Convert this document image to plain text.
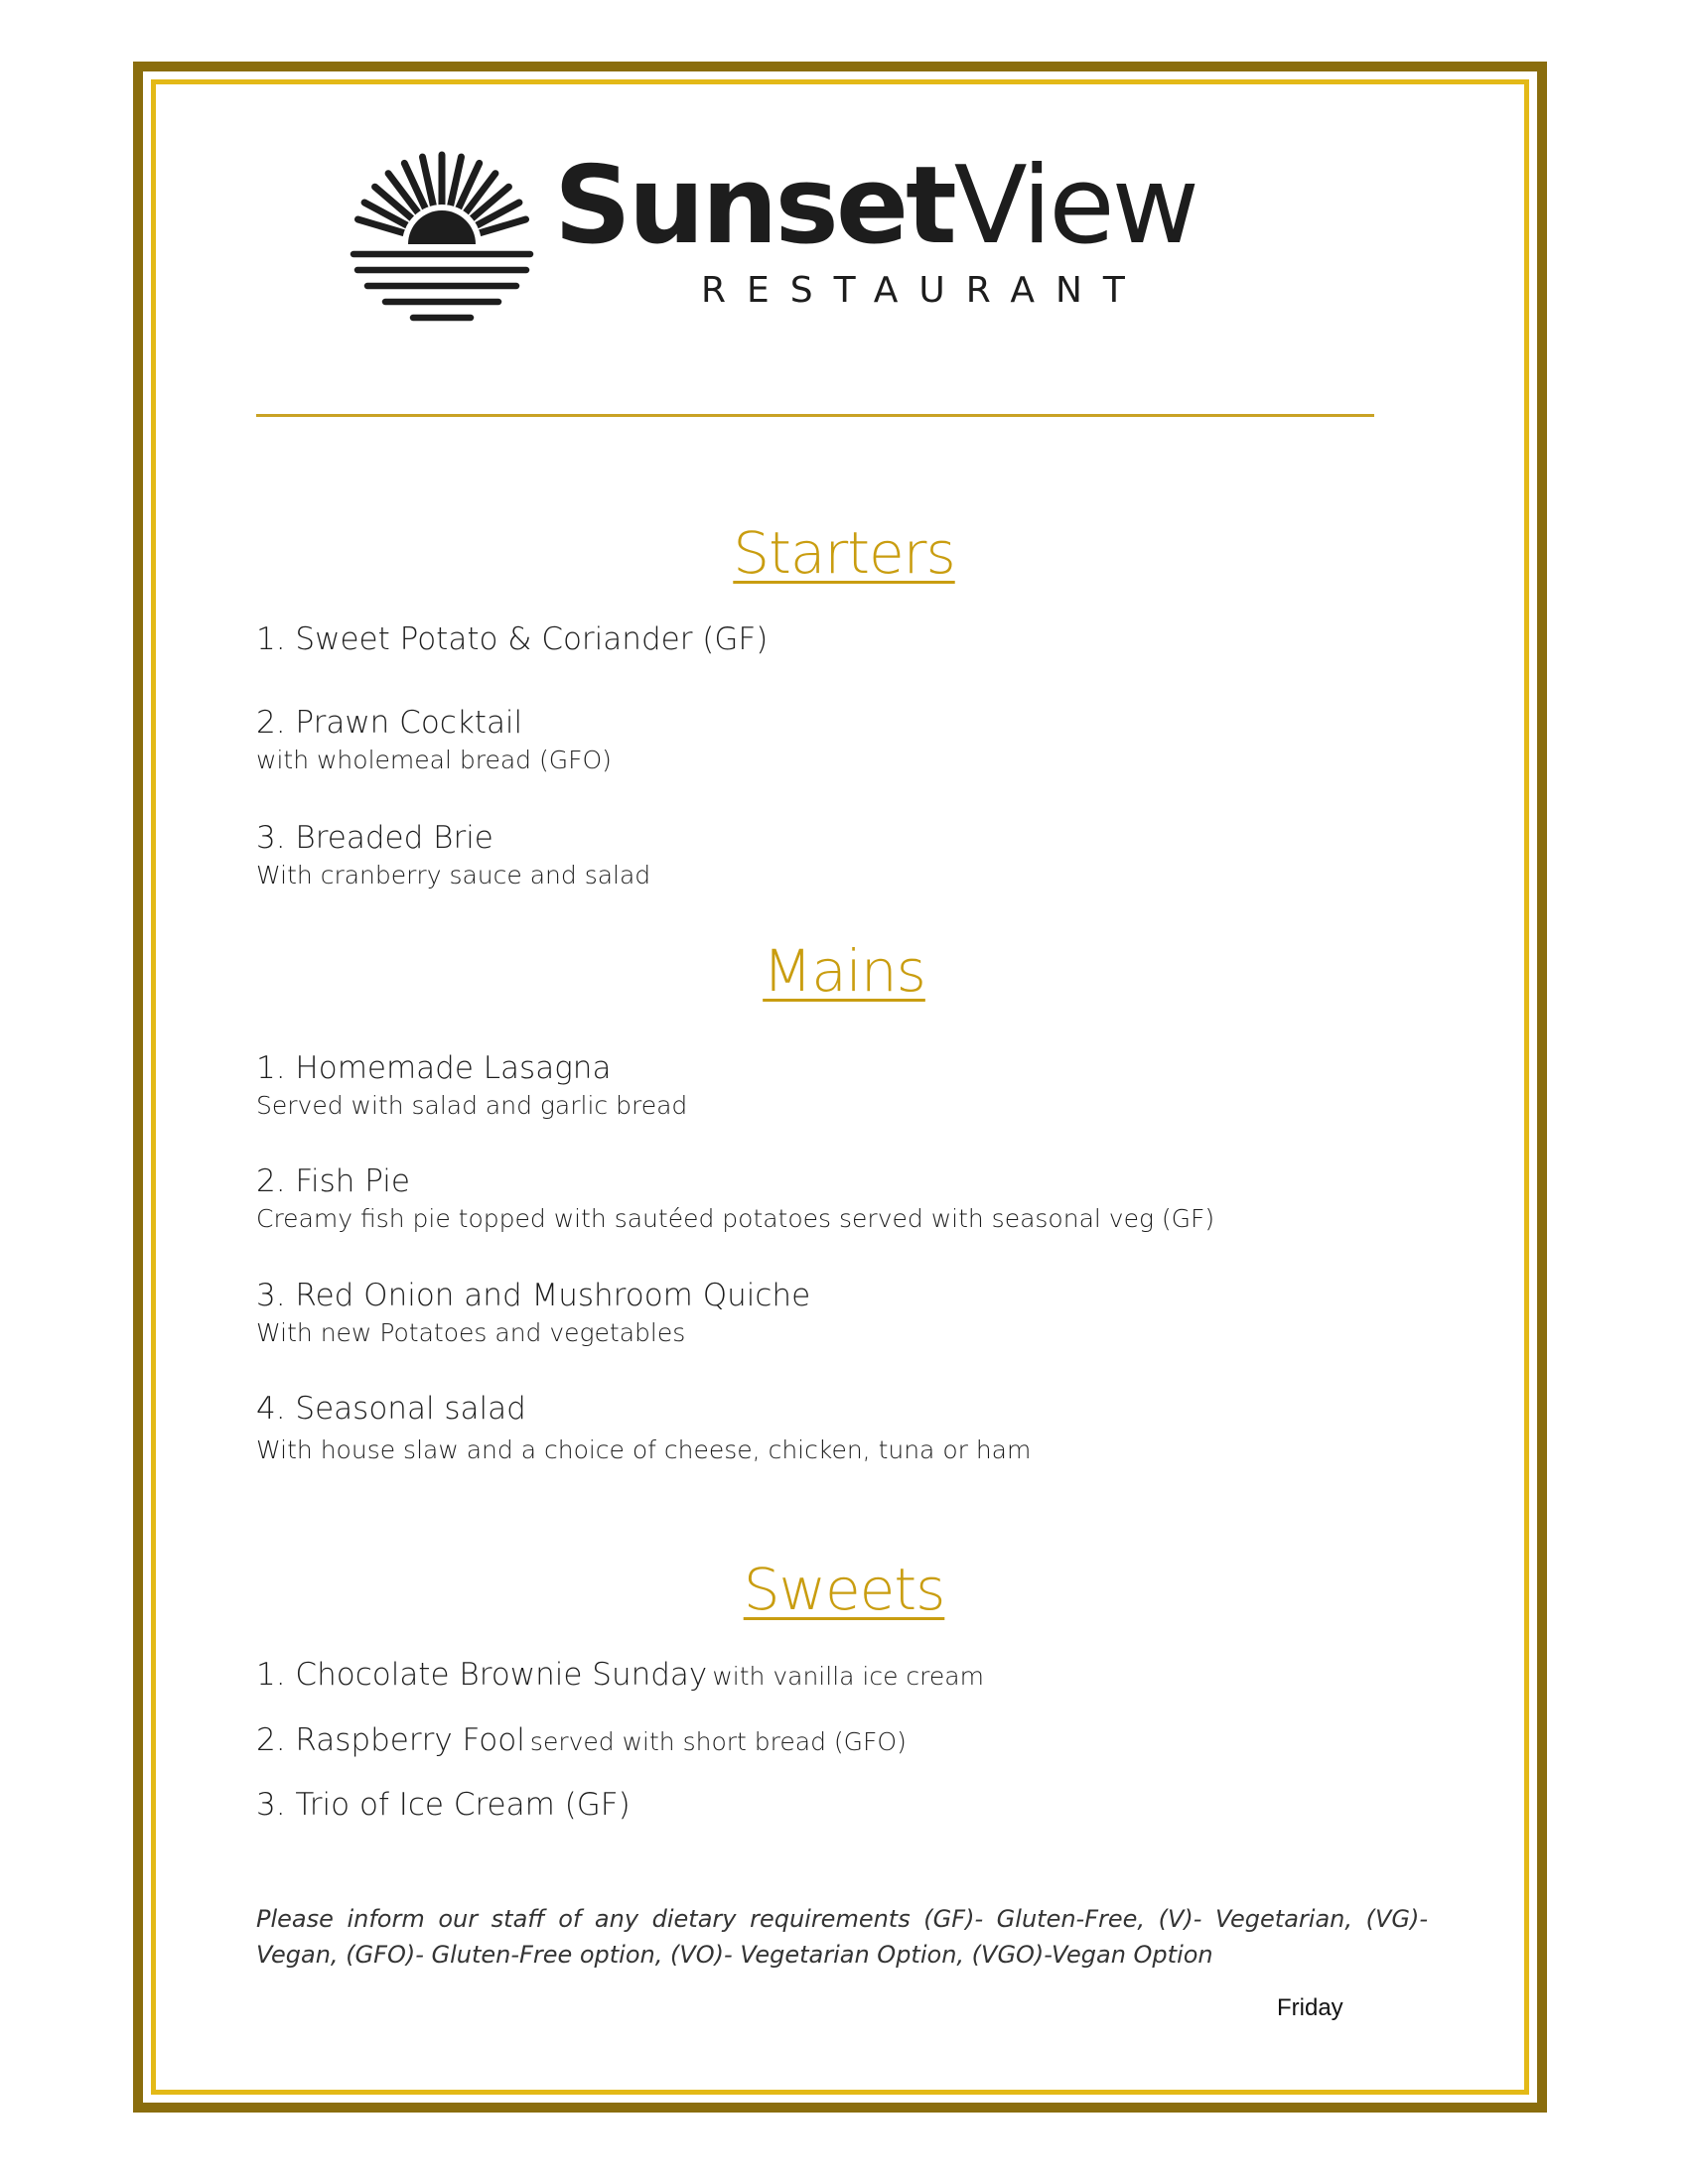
SunsetView
RESTAURANT
Starters
1. Sweet Potato & Coriander (GF)
2. Prawn Cocktail
with wholemeal bread (GFO)
3. Breaded Brie
With cranberry sauce and salad
Mains
1. Homemade Lasagna
Served with salad and garlic bread
2. Fish Pie
Creamy fish pie topped with sautéed potatoes served with seasonal veg (GF)
3. Red Onion and Mushroom Quiche
With new Potatoes and vegetables
4. Seasonal salad
With house slaw and a choice of cheese, chicken, tuna or ham
Sweets
1. Chocolate Brownie Sunday with vanilla ice cream
2. Raspberry Fool served with short bread (GFO)
3. Trio of Ice Cream (GF)
Please inform our staff of any dietary requirements (GF)- Gluten-Free, (V)- Vegetarian, (VG)- Vegan, (GFO)- Gluten-Free option, (VO)- Vegetarian Option, (VGO)-Vegan Option
Friday
